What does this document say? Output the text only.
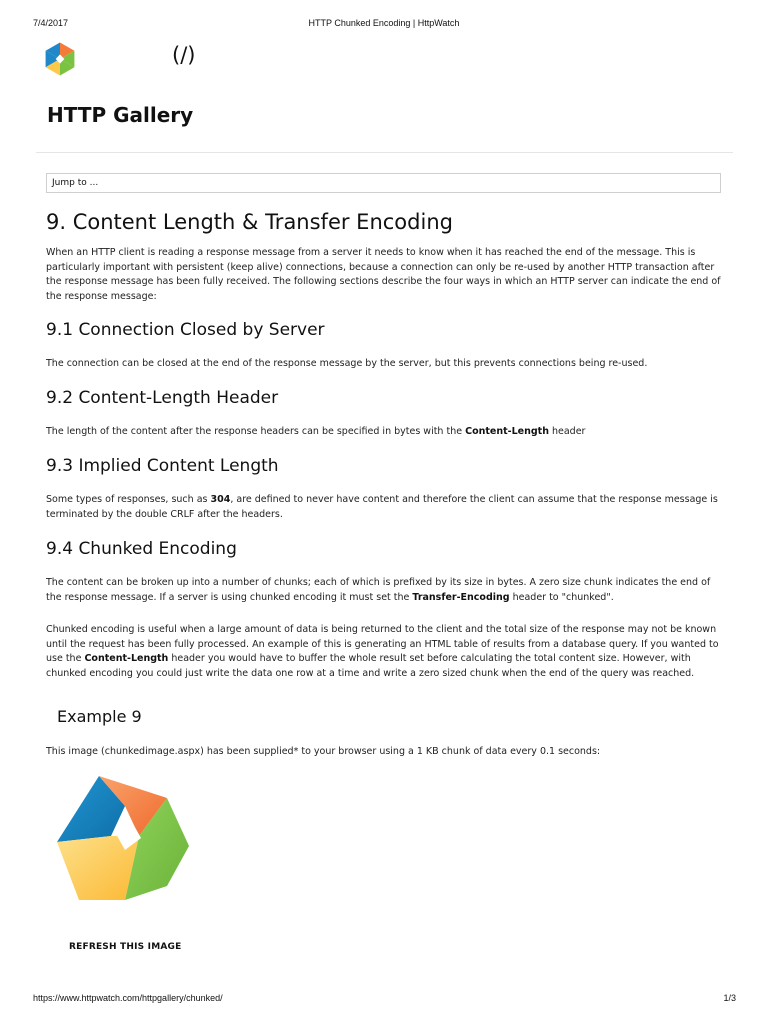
7/4/2017	HTTP Chunked Encoding | HttpWatch
(/)
HTTP Gallery
Jump to ...
9. Content Length & Transfer Encoding

When an HTTP client is reading a response message from a server it needs to know when it has reached the end of the message. This is particularly important with persistent (keep alive) connections, because a connection can only be re-used by another HTTP transaction after the response message has been fully received. The following sections describe the four ways in which an HTTP server can indicate the end of the response message:

9.1 Connection Closed by Server

The connection can be closed at the end of the response message by the server, but this prevents connections being re-used.

9.2 Content-Length Header

The length of the content after the response headers can be specified in bytes with the Content-Length header

9.3 Implied Content Length

Some types of responses, such as 304, are defined to never have content and therefore the client can assume that the response message is terminated by the double CRLF after the headers.

9.4 Chunked Encoding

The content can be broken up into a number of chunks; each of which is prefixed by its size in bytes. A zero size chunk indicates the end of the response message. If a server is using chunked encoding it must set the Transfer-Encoding header to "chunked".

Chunked encoding is useful when a large amount of data is being returned to the client and the total size of the response may not be known until the request has been fully processed. An example of this is generating an HTML table of results from a database query. If you wanted to use the Content-Length header you would have to buffer the whole result set before calculating the total content size. However, with chunked encoding you could just write the data one row at a time and write a zero sized chunk when the end of the query was reached.

Example 9

This image (chunkedimage.aspx) has been supplied* to your browser using a 1 KB chunk of data every 0.1 seconds:

REFRESH THIS IMAGE
https://www.httpwatch.com/httpgallery/chunked/	1/3
